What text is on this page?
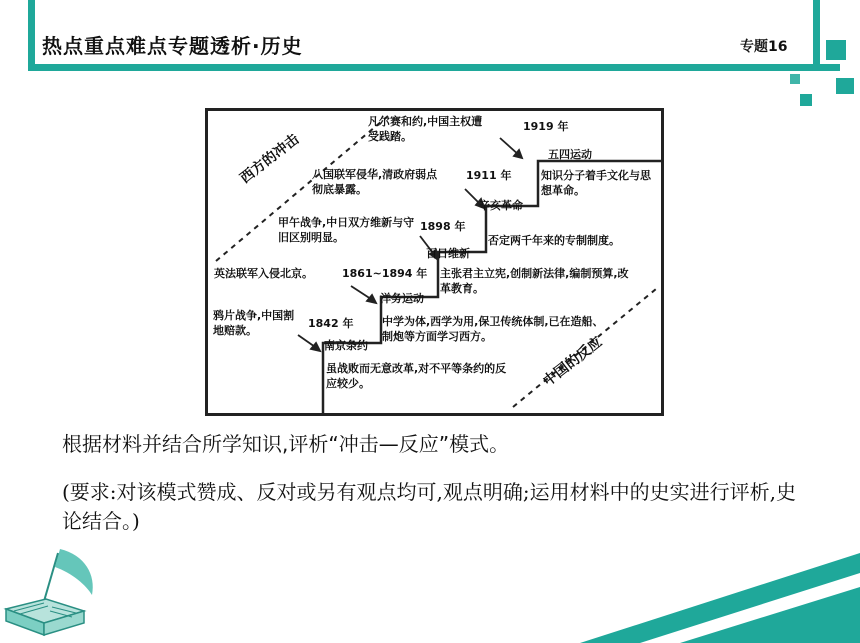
热点重点难点专题透析·历史	专题16
西方的冲击
中国的反应
鸦片战争,中国割地赔款。
1842 年
南京条约
虽战败而无意改革,对不平等条约的反应较少。
英法联军入侵北京。	1861~1894 年
洋务运动
中学为体,西学为用,保卫传统体制,已在造船、制炮等方面学习西方。
甲午战争,中日双方维新与守旧区别明显。
1898 年
百日维新
主张君主立宪,创制新法律,编制预算,改革教育。
八国联军侵华,清政府弱点彻底暴露。
1911 年
辛亥革命
否定两千年来的专制制度。
凡尔赛和约,中国主权遭受践踏。
1919 年
五四运动
知识分子着手文化与思想革命。
根据材料并结合所学知识,评析“冲击—反应”模式。
(要求:对该模式赞成、反对或另有观点均可,观点明确;运用材料中的史实进行评析,史论结合。)
